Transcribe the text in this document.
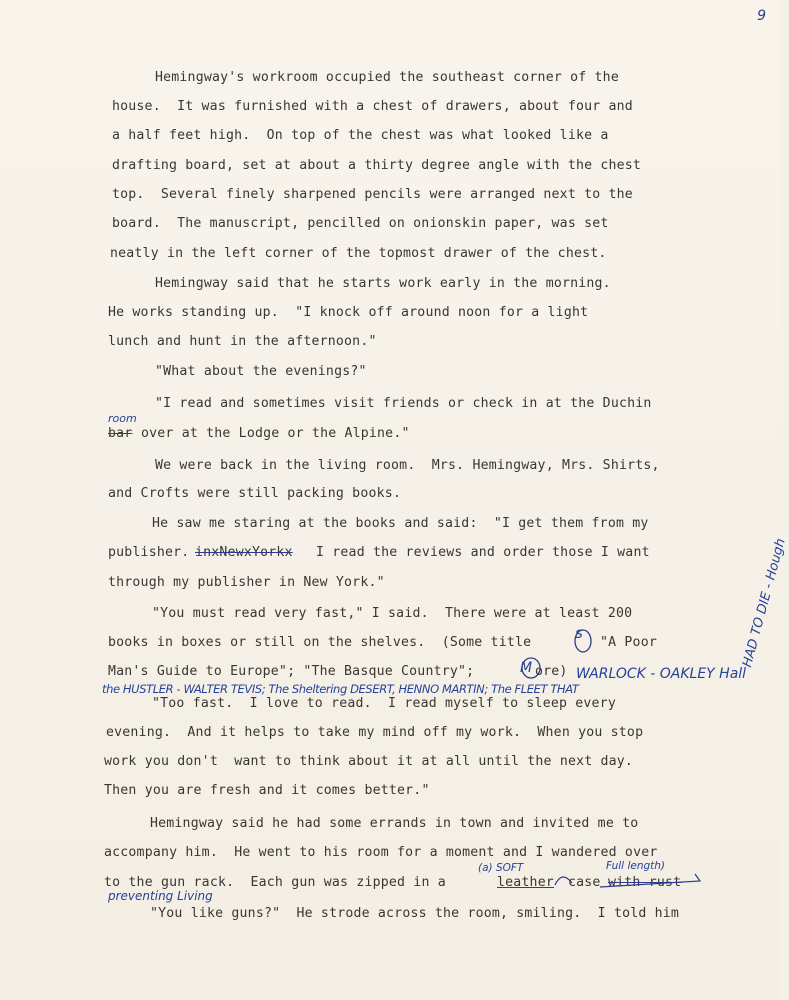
9
Hemingway's workroom occupied the southeast corner of the
house.  It was furnished with a chest of drawers, about four and
a half feet high.  On top of the chest was what looked like a
drafting board, set at about a thirty degree angle with the chest
top.  Several finely sharpened pencils were arranged next to the
board.  The manuscript, pencilled on onionskin paper, was set
neatly in the left corner of the topmost drawer of the chest.
Hemingway said that he starts work early in the morning.
He works standing up.  "I knock off around noon for a light
lunch and hunt in the afternoon."
"What about the evenings?"
"I read and sometimes visit friends or check in at the Duchin
room
bar over at the Lodge or the Alpine."
We were back in the living room.  Mrs. Hemingway, Mrs. Shirts,
and Crofts were still packing books.
He saw me staring at the books and said:  "I get them from my
publisher. inxNewxYorkx I read the reviews and order those I want
through my publisher in New York."
"You must read very fast," I said.  There were at least 200
books in boxes or still on the shelves.  (Some title
s
"A Poor
Man's Guide to Europe"; "The Basque Country";	M ore) WARLOCK - OAKLEY Hall
the HUSTLER - WALTER TEVIS; The Sheltering DESERT, HENNO MARTIN; The FLEET THAT
"Too fast.  I love to read.  I read myself to sleep every
evening.  And it helps to take my mind off my work.  When you stop
work you don't  want to think about it at all until the next day.
Then you are fresh and it comes better."
Hemingway said he had some errands in town and invited me to
accompany him.  He went to his room for a moment and I wandered over
(a) SOFT	Full length)
to the gun rack.  Each gun was zipped in a	leather case with rust
preventing Living
"You like guns?"  He strode across the room, smiling.  I told him
HAD TO DIE - Hough
